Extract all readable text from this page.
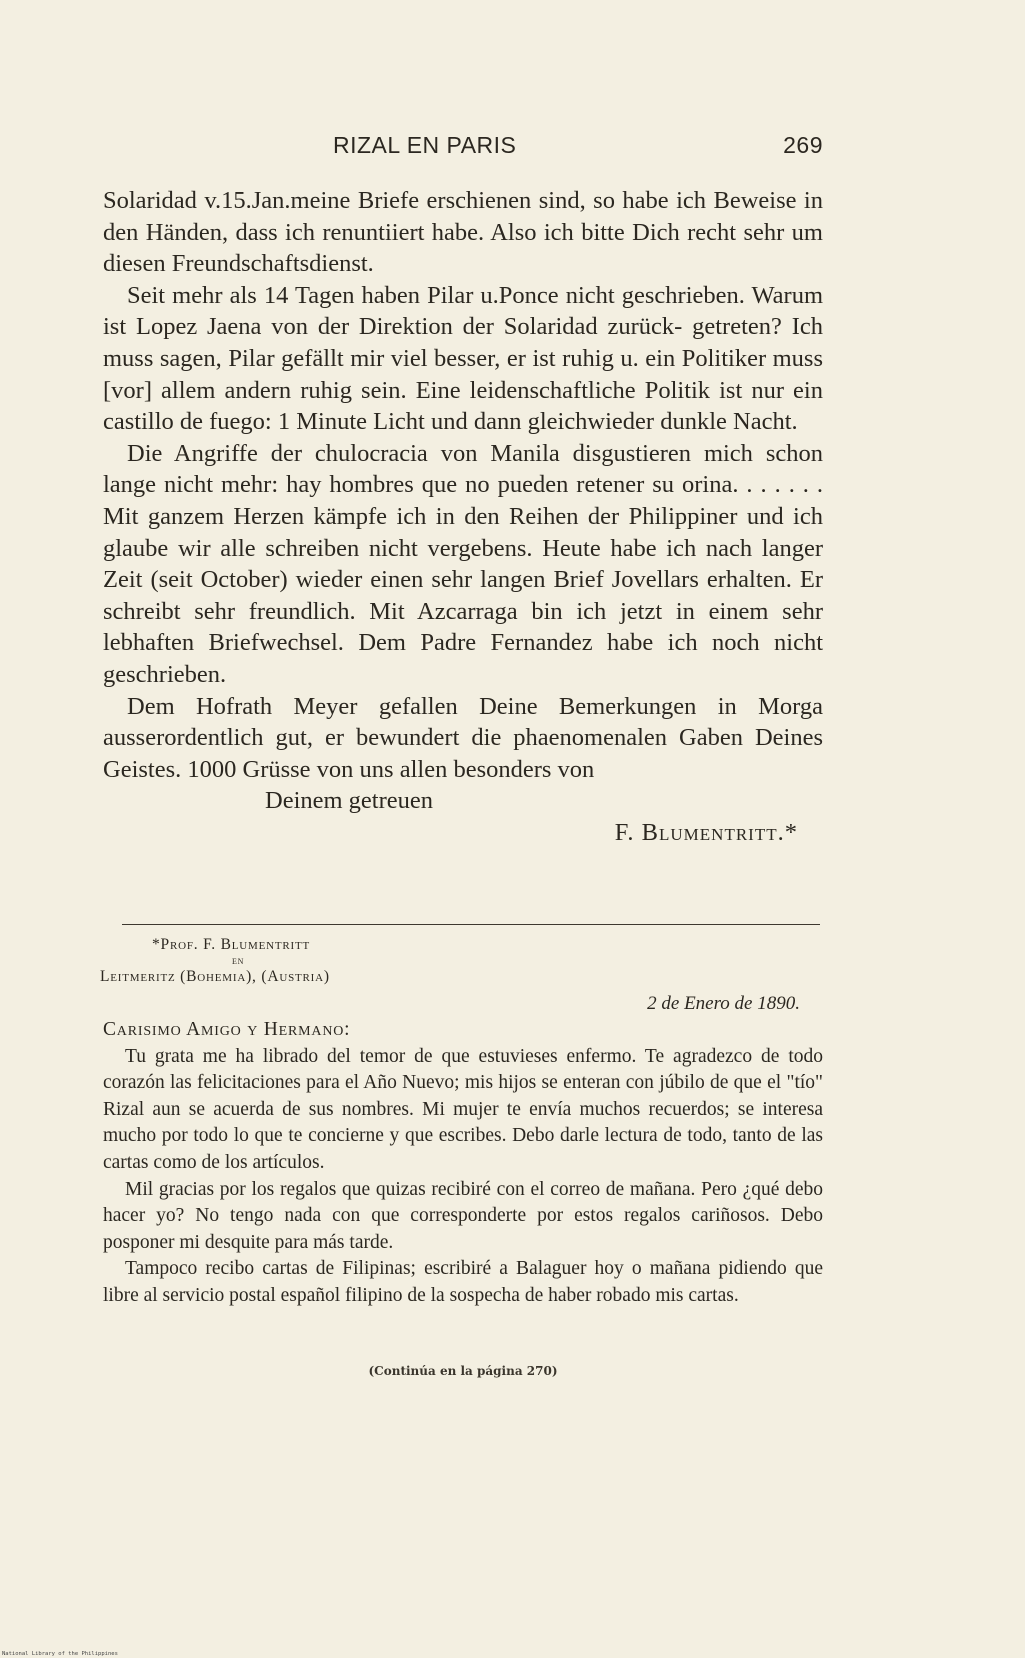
RIZAL EN PARIS	269

Solaridad v.15.Jan.meine Briefe erschienen sind, so habe ich Beweise in den Händen, dass ich renuntiiert habe. Also ich bitte Dich recht sehr um diesen Freundschaftsdienst.

Seit mehr als 14 Tagen haben Pilar u.Ponce nicht geschrieben. Warum ist Lopez Jaena von der Direktion der Solaridad zurück- getreten? Ich muss sagen, Pilar gefällt mir viel besser, er ist ruhig u. ein Politiker muss [vor] allem andern ruhig sein. Eine leidenschaftliche Politik ist nur ein castillo de fuego: 1 Minute Licht und dann gleichwieder dunkle Nacht.

Die Angriffe der chulocracia von Manila disgustieren mich schon lange nicht mehr: hay hombres que no pueden retener su orina. . . . . . . Mit ganzem Herzen kämpfe ich in den Reihen der Philippiner und ich glaube wir alle schreiben nicht vergebens. Heute habe ich nach langer Zeit (seit October) wieder einen sehr langen Brief Jovellars erhalten. Er schreibt sehr freundlich. Mit Azcarraga bin ich jetzt in einem sehr lebhaften Briefwechsel. Dem Padre Fernandez habe ich noch nicht geschrieben.

Dem Hofrath Meyer gefallen Deine Bemerkungen in Morga ausserordentlich gut, er bewundert die phaenomenalen Gaben Deines Geistes. 1000 Grüsse von uns allen besonders von

Deinem getreuen

F. Blumentritt.*

*Prof. F. Blumentritt
en
Leitmeritz (Bohemia), (Austria)
2 de Enero de 1890.

Carisimo Amigo y Hermano:

Tu grata me ha librado del temor de que estuvieses enfermo. Te agradezco de todo corazón las felicitaciones para el Año Nuevo; mis hijos se enteran con júbilo de que el "tío" Rizal aun se acuerda de sus nombres. Mi mujer te envía muchos recuerdos; se interesa mucho por todo lo que te concierne y que escribes. Debo darle lectura de todo, tanto de las cartas como de los artículos.

Mil gracias por los regalos que quizas recibiré con el correo de mañana. Pero ¿qué debo hacer yo? No tengo nada con que corresponderte por estos regalos cariñosos. Debo posponer mi desquite para más tarde.

Tampoco recibo cartas de Filipinas; escribiré a Balaguer hoy o mañana pidiendo que libre al servicio postal español filipino de la sospecha de haber robado mis cartas.

(Continúa en la página 270)
National Library of the Philippines
